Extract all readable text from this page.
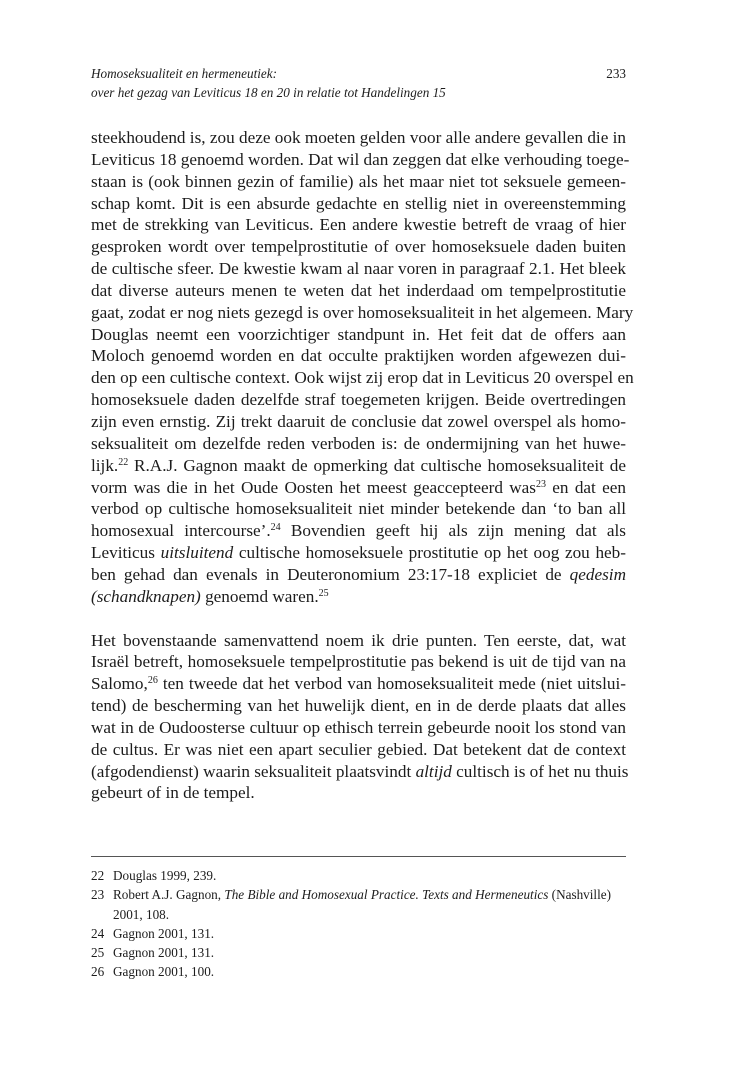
Homoseksualiteit en hermeneutiek:
over het gezag van Leviticus 18 en 20 in relatie tot Handelingen 15
233
steekhoudend is, zou deze ook moeten gelden voor alle andere gevallen die in
Leviticus 18 genoemd worden. Dat wil dan zeggen dat elke verhouding toege-
staan is (ook binnen gezin of familie) als het maar niet tot seksuele gemeen-
schap komt. Dit is een absurde gedachte en stellig niet in overeenstemming
met de strekking van Leviticus. Een andere kwestie betreft de vraag of hier
gesproken wordt over tempelprostitutie of over homoseksuele daden buiten
de cultische sfeer. De kwestie kwam al naar voren in paragraaf 2.1. Het bleek
dat diverse auteurs menen te weten dat het inderdaad om tempelprostitutie
gaat, zodat er nog niets gezegd is over homoseksualiteit in het algemeen. Mary
Douglas neemt een voorzichtiger standpunt in. Het feit dat de offers aan
Moloch genoemd worden en dat occulte praktijken worden afgewezen dui-
den op een cultische context. Ook wijst zij erop dat in Leviticus 20 overspel en
homoseksuele daden dezelfde straf toegemeten krijgen. Beide overtredingen
zijn even ernstig. Zij trekt daaruit de conclusie dat zowel overspel als homo-
seksualiteit om dezelfde reden verboden is: de ondermijning van het huwe-
lijk.$^{22}$ R.A.J. Gagnon maakt de opmerking dat cultische homoseksualiteit de
vorm was die in het Oude Oosten het meest geaccepteerd was$^{23}$ en dat een
verbod op cultische homoseksualiteit niet minder betekende dan ‘to ban all
homosexual intercourse’.$^{24}$ Bovendien geeft hij als zijn mening dat als
Leviticus uitsluitend cultische homoseksuele prostitutie op het oog zou heb-
ben gehad dan evenals in Deuteronomium 23:17-18 expliciet de qedesim
(schandknapen) genoemd waren.$^{25}$
Het bovenstaande samenvattend noem ik drie punten. Ten eerste, dat, wat
Israël betreft, homoseksuele tempelprostitutie pas bekend is uit de tijd van na
Salomo,$^{26}$ ten tweede dat het verbod van homoseksualiteit mede (niet uitslui-
tend) de bescherming van het huwelijk dient, en in de derde plaats dat alles
wat in de Oudoosterse cultuur op ethisch terrein gebeurde nooit los stond van
de cultus. Er was niet een apart seculier gebied. Dat betekent dat de context
(afgodendienst) waarin seksualiteit plaatsvindt altijd cultisch is of het nu thuis
gebeurt of in de tempel.
22 Douglas 1999, 239.
23 Robert A.J. Gagnon, The Bible and Homosexual Practice. Texts and Hermeneutics (Nashville)
2001, 108.
24 Gagnon 2001, 131.
25 Gagnon 2001, 131.
26 Gagnon 2001, 100.
